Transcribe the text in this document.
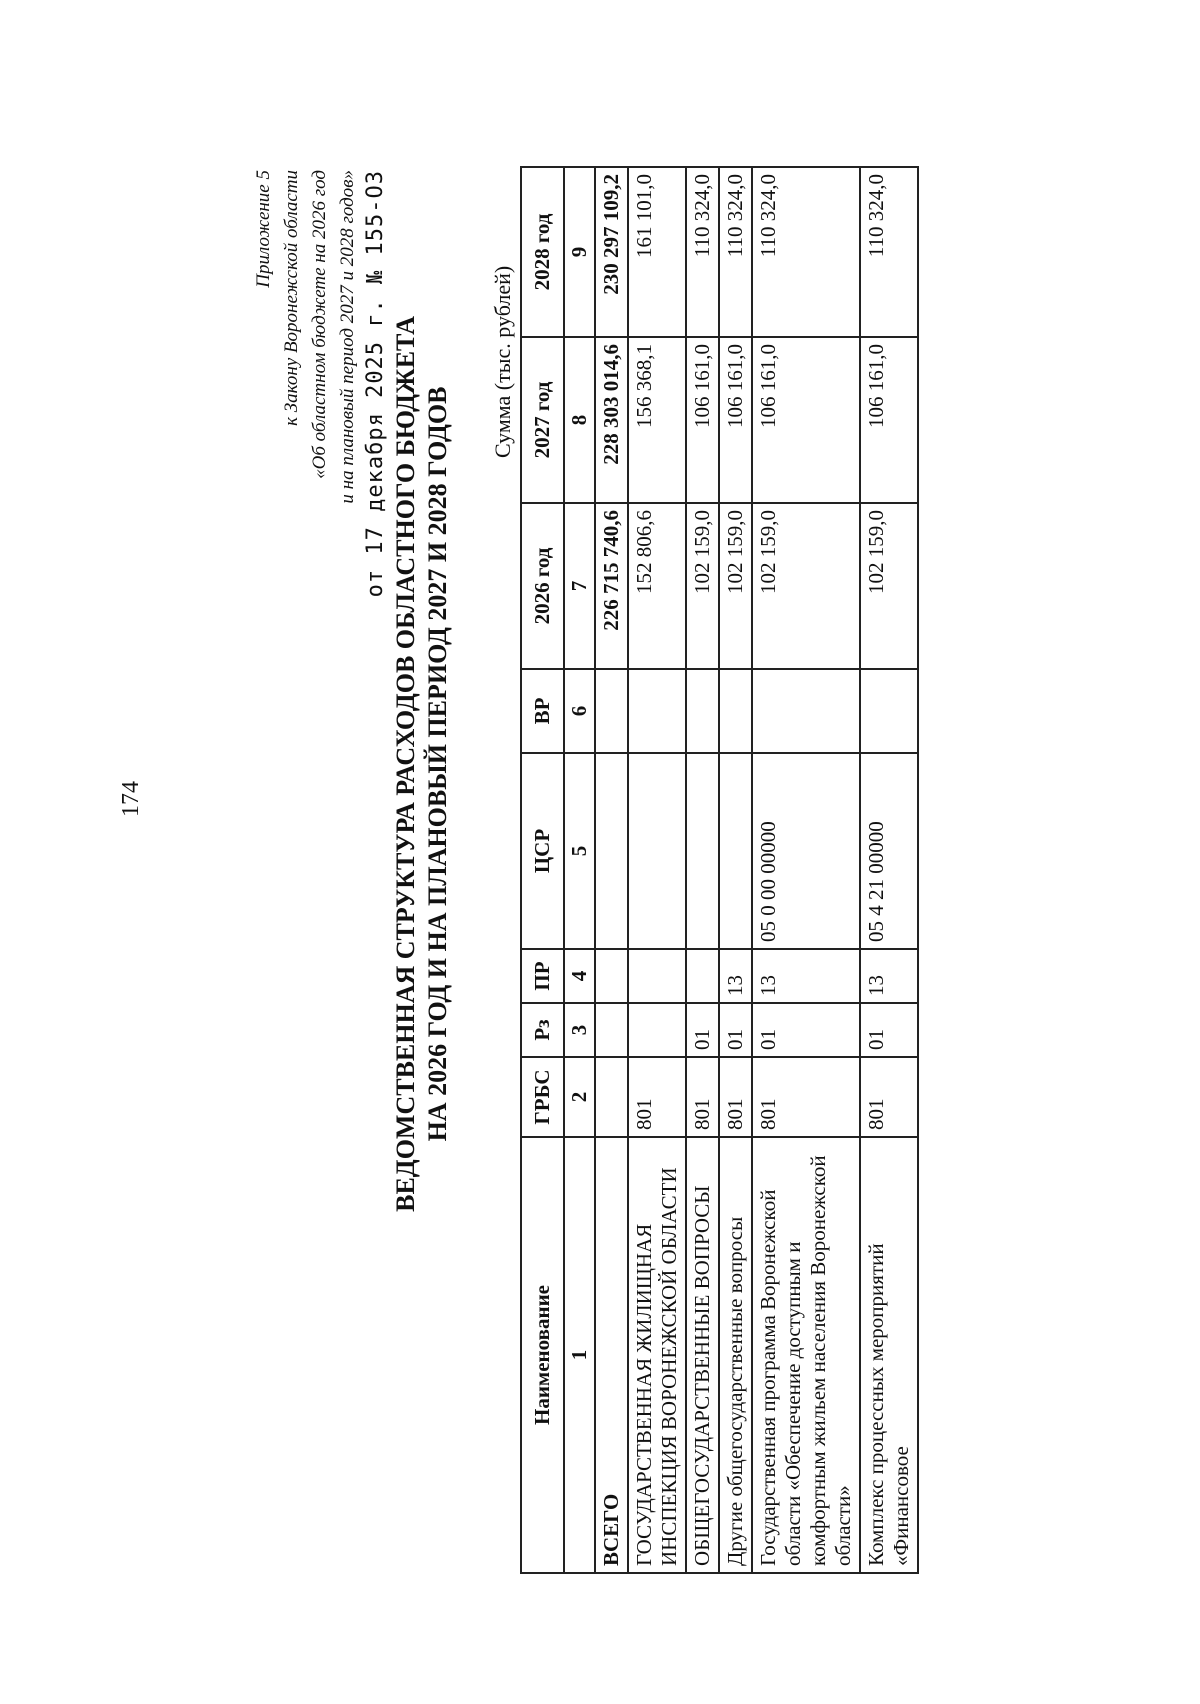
174
Приложение 5 к Закону Воронежской области «Об областном бюджете на 2026 год и на плановый период 2027 и 2028 годов» от 17 декабря 2025 г. № 155-ОЗ ВЕДОМСТВЕННАЯ СТРУКТУРА РАСХОДОВ ОБЛАСТНОГО БЮДЖЕТА НА 2026 ГОД И НА ПЛАНОВЫЙ ПЕРИОД 2027 И 2028 ГОДОВ
Сумма (тыс. рублей)
Наименование	ГРБС	Рз	ПР	ЦСР	ВР	2026 год	2027 год	2028 год
1	2	3	4	5	6	7	8	9
ВСЕГО						226 715 740,6	228 303 014,6	230 297 109,2
ГОСУДАРСТВЕННАЯ ЖИЛИЩНАЯ ИНСПЕКЦИЯ ВОРОНЕЖСКОЙ ОБЛАСТИ	801					152 806,6	156 368,1	161 101,0
ОБЩЕГОСУДАРСТВЕННЫЕ ВОПРОСЫ	801	01				102 159,0	106 161,0	110 324,0
Другие общегосударственные вопросы	801	01	13			102 159,0	106 161,0	110 324,0
Государственная программа Воронежской области «Обеспечение доступным и комфортным жильем населения Воронежской области»	801	01	13	05 0 00 00000		102 159,0	106 161,0	110 324,0
Комплекс процессных мероприятий «Финансовое	801	01	13	05 4 21 00000		102 159,0	106 161,0	110 324,0
